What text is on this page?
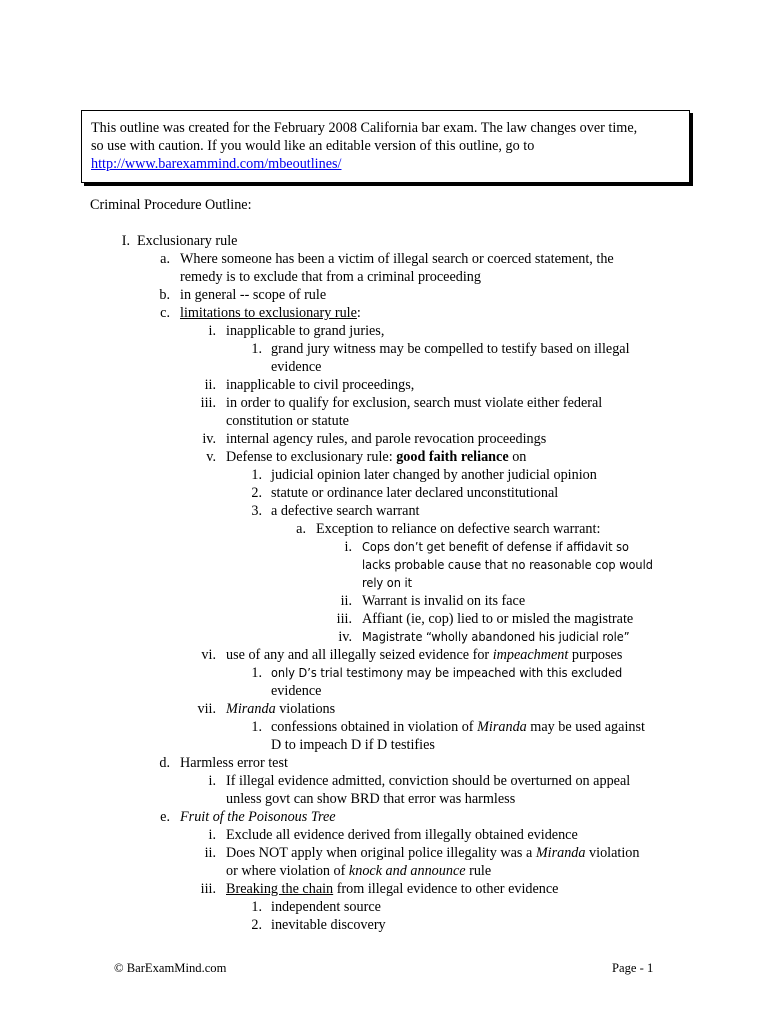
This outline was created for the February 2008 California bar exam. The law changes over time,
so use with caution. If you would like an editable version of this outline, go to
http://www.barexammind.com/mbeoutlines/
Criminal Procedure Outline:
I. Exclusionary rule
a. Where someone has been a victim of illegal search or coerced statement, the
remedy is to exclude that from a criminal proceeding
b. in general -- scope of rule
c. limitations to exclusionary rule:
i. inapplicable to grand juries,
1. grand jury witness may be compelled to testify based on illegal
evidence
ii. inapplicable to civil proceedings,
iii. in order to qualify for exclusion, search must violate either federal
constitution or statute
iv. internal agency rules, and parole revocation proceedings
v. Defense to exclusionary rule: good faith reliance on
1. judicial opinion later changed by another judicial opinion
2. statute or ordinance later declared unconstitutional
3. a defective search warrant
a. Exception to reliance on defective search warrant:
i. Cops don’t get benefit of defense if affidavit so
lacks probable cause that no reasonable cop would
rely on it
ii. Warrant is invalid on its face
iii. Affiant (ie, cop) lied to or misled the magistrate
iv. Magistrate “wholly abandoned his judicial role”
vi. use of any and all illegally seized evidence for impeachment purposes
1. only D’s trial testimony may be impeached with this excluded
evidence
vii. Miranda violations
1. confessions obtained in violation of Miranda may be used against
D to impeach D if D testifies
d. Harmless error test
i. If illegal evidence admitted, conviction should be overturned on appeal
unless govt can show BRD that error was harmless
e. Fruit of the Poisonous Tree
i. Exclude all evidence derived from illegally obtained evidence
ii. Does NOT apply when original police illegality was a Miranda violation
or where violation of knock and announce rule
iii. Breaking the chain from illegal evidence to other evidence
1. independent source
2. inevitable discovery
© BarExamMind.com	Page - 1
